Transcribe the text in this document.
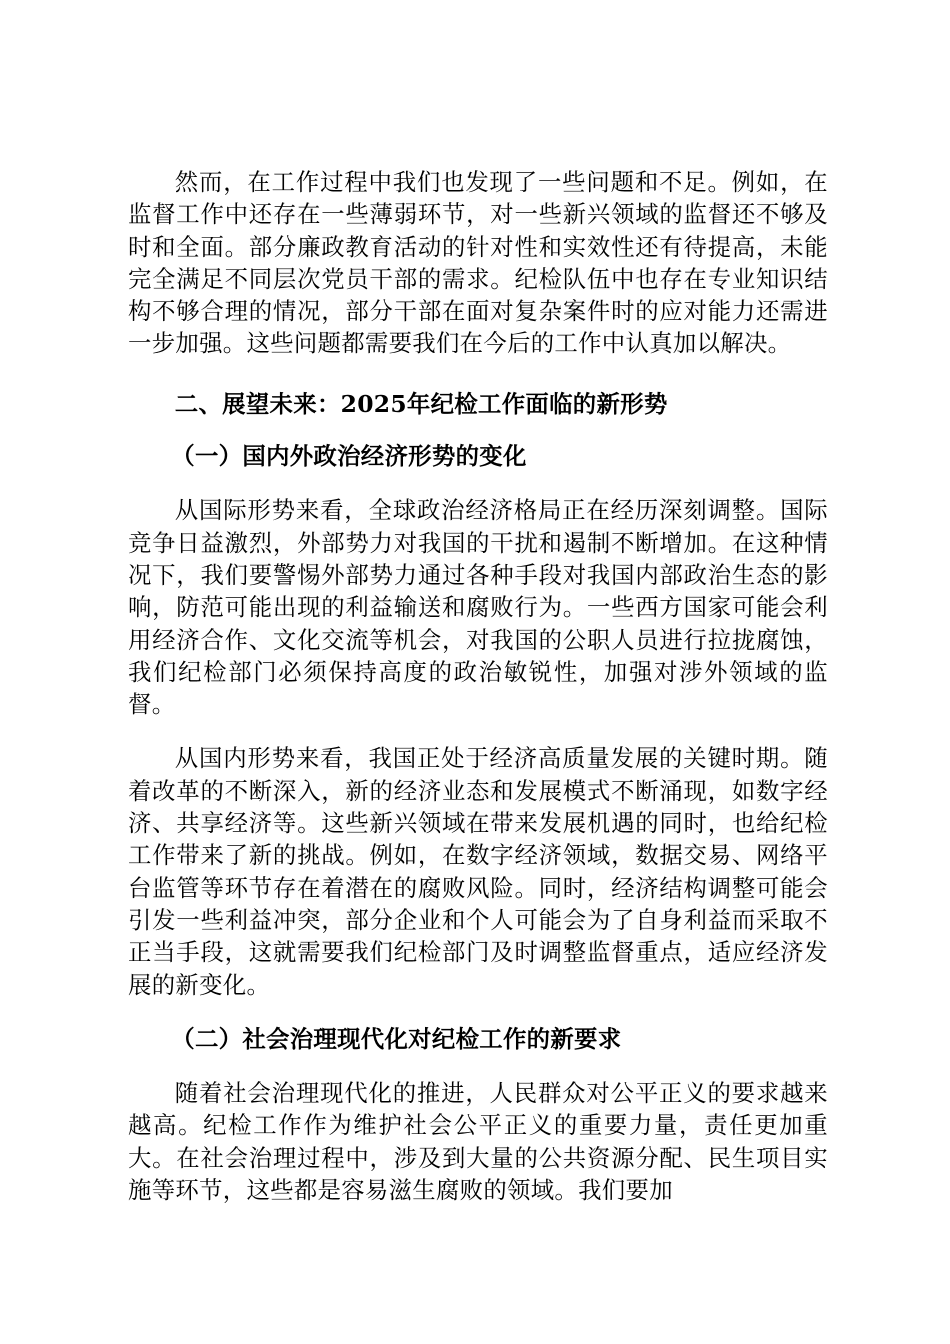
然而，在工作过程中我们也发现了一些问题和不足。例如，在监督工作中还存在一些薄弱环节，对一些新兴领域的监督还不够及时和全面。部分廉政教育活动的针对性和实效性还有待提高，未能完全满足不同层次党员干部的需求。纪检队伍中也存在专业知识结构不够合理的情况，部分干部在面对复杂案件时的应对能力还需进一步加强。这些问题都需要我们在今后的工作中认真加以解决。

二、展望未来：2025年纪检工作面临的新形势

（一）国内外政治经济形势的变化

从国际形势来看，全球政治经济格局正在经历深刻调整。国际竞争日益激烈，外部势力对我国的干扰和遏制不断增加。在这种情况下，我们要警惕外部势力通过各种手段对我国内部政治生态的影响，防范可能出现的利益输送和腐败行为。一些西方国家可能会利用经济合作、文化交流等机会，对我国的公职人员进行拉拢腐蚀，我们纪检部门必须保持高度的政治敏锐性，加强对涉外领域的监督。

从国内形势来看，我国正处于经济高质量发展的关键时期。随着改革的不断深入，新的经济业态和发展模式不断涌现，如数字经济、共享经济等。这些新兴领域在带来发展机遇的同时，也给纪检工作带来了新的挑战。例如，在数字经济领域，数据交易、网络平台监管等环节存在着潜在的腐败风险。同时，经济结构调整可能会引发一些利益冲突，部分企业和个人可能会为了自身利益而采取不正当手段，这就需要我们纪检部门及时调整监督重点，适应经济发展的新变化。

（二）社会治理现代化对纪检工作的新要求

随着社会治理现代化的推进，人民群众对公平正义的要求越来越高。纪检工作作为维护社会公平正义的重要力量，责任更加重大。在社会治理过程中，涉及到大量的公共资源分配、民生项目实施等环节，这些都是容易滋生腐败的领域。我们要加
